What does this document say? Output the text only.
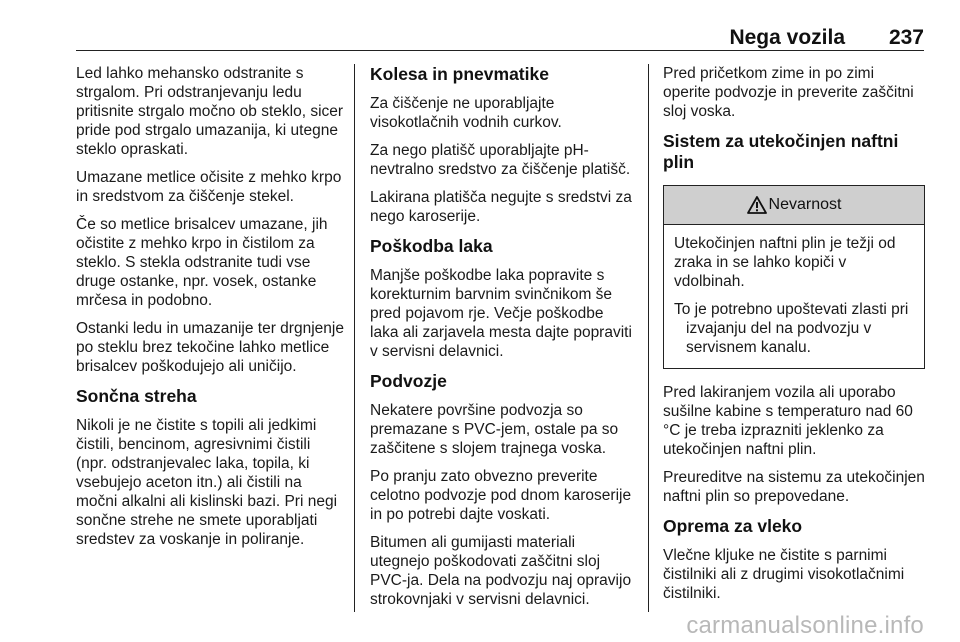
Nega vozila 237

Led lahko mehansko odstranite s strgalom. Pri odstranjevanju ledu pritisnite strgalo močno ob steklo, sicer pride pod strgalo umazanija, ki utegne steklo opraskati.

Umazane metlice očisite z mehko krpo in sredstvom za čiščenje stekel.

Če so metlice brisalcev umazane, jih očistite z mehko krpo in čistilom za steklo. S stekla odstranite tudi vse druge ostanke, npr. vosek, ostanke mrčesa in podobno.

Ostanki ledu in umazanije ter drgnjenje po steklu brez tekočine lahko metlice brisalcev poškodujejo ali uničijo.

Sončna streha

Nikoli je ne čistite s topili ali jedkimi čistili, bencinom, agresivnimi čistili (npr. odstranjevalec laka, topila, ki vsebujejo aceton itn.) ali čistili na močni alkalni ali kislinski bazi. Pri negi sončne strehe ne smete uporabljati sredstev za voskanje in poliranje.

Kolesa in pnevmatike

Za čiščenje ne uporabljajte visokotlačnih vodnih curkov.

Za nego platišč uporabljajte pH-nevtralno sredstvo za čiščenje platišč.

Lakirana platišča negujte s sredstvi za nego karoserije.

Poškodba laka

Manjše poškodbe laka popravite s korekturnim barvnim svinčnikom še pred pojavom rje. Večje poškodbe laka ali zarjavela mesta dajte popraviti v servisni delavnici.

Podvozje

Nekatere površine podvozja so premazane s PVC-jem, ostale pa so zaščitene s slojem trajnega voska.

Po pranju zato obvezno preverite celotno podvozje pod dnom karoserije in po potrebi dajte voskati.

Bitumen ali gumijasti materiali utegnejo poškodovati zaščitni sloj PVC-ja. Dela na podvozju naj opravijo strokovnjaki v servisni delavnici.

Pred pričetkom zime in po zimi operite podvozje in preverite zaščitni sloj voska.

Sistem za utekočinjen naftni plin
Nevarnost

Utekočinjen naftni plin je težji od zraka in se lahko kopiči v vdolbinah.

To je potrebno upoštevati zlasti pri izvajanju del na podvozju v servisnem kanalu.

Pred lakiranjem vozila ali uporabo sušilne kabine s temperaturo nad 60 °C je treba izprazniti jeklenko za utekočinjen naftni plin.

Preureditve na sistemu za utekočinjen naftni plin so prepovedane.

Oprema za vleko

Vlečne kljuke ne čistite s parnimi čistilniki ali z drugimi visokotlačnimi čistilniki.

carmanualsonline.info
